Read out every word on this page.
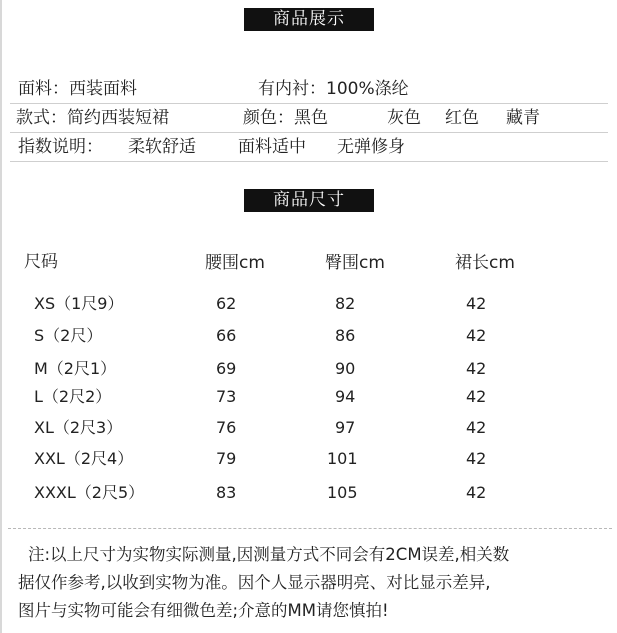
商品展示
面料：西装面料	有内衬：100%涤纶
款式：简约西装短裙	颜色：黑色	灰色 红色 藏青
指数说明： 柔软舒适 面料适中 无弹修身
商品尺寸
尺码	腰围cm	臀围cm	裙长cm
XS（1尺9）	62	82	42
S（2尺）	66	86	42
M（2尺1）	69	90	42
L（2尺2）	73	94	42
XL（2尺3）	76	97	42
XXL（2尺4）	79	101	42
XXXL（2尺5）	83	105	42
注:以上尺寸为实物实际测量,因测量方式不同会有2CM误差,相关数
据仅作参考,以收到实物为准。因个人显示器明亮、对比显示差异,
图片与实物可能会有细微色差;介意的MM请您慎拍!
